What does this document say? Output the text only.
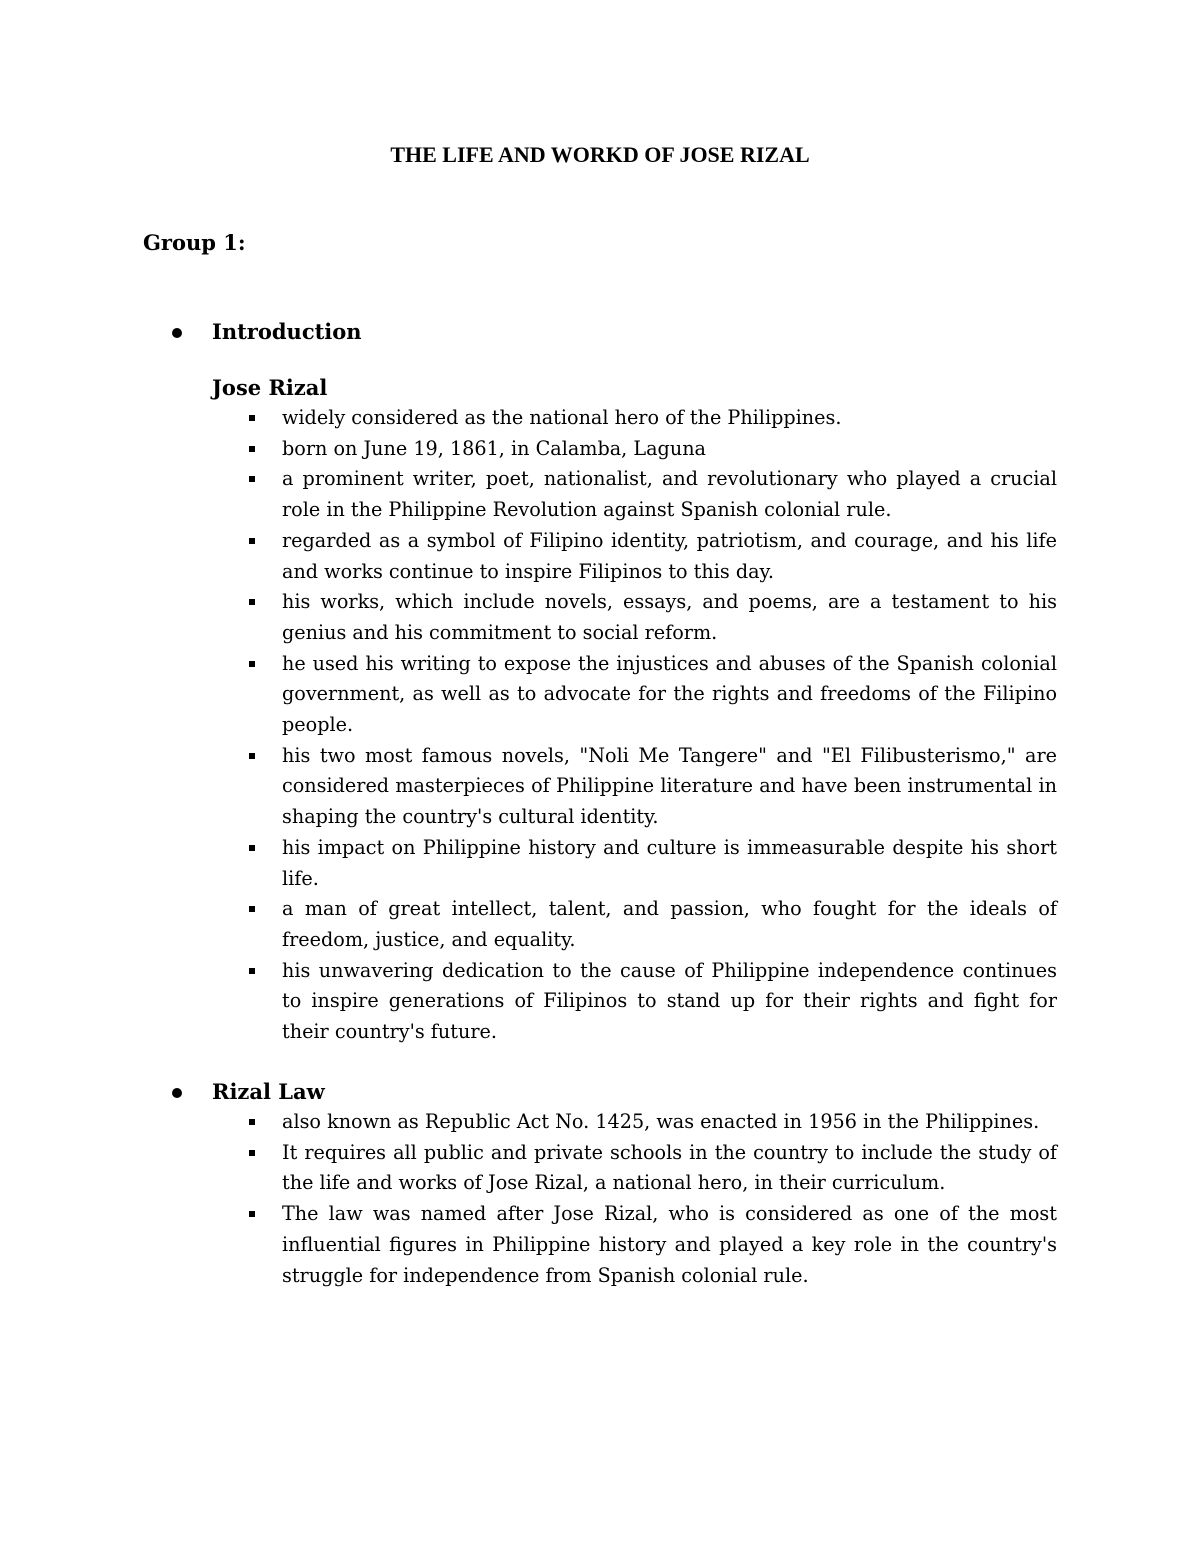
THE LIFE AND WORKD OF JOSE RIZAL
Group 1:
Introduction
Jose Rizal
widely considered as the national hero of the Philippines.
born on June 19, 1861, in Calamba, Laguna
a prominent writer, poet, nationalist, and revolutionary who played a crucial role in the Philippine Revolution against Spanish colonial rule.
regarded as a symbol of Filipino identity, patriotism, and courage, and his life and works continue to inspire Filipinos to this day.
his works, which include novels, essays, and poems, are a testament to his genius and his commitment to social reform.
he used his writing to expose the injustices and abuses of the Spanish colonial government, as well as to advocate for the rights and freedoms of the Filipino people.
his two most famous novels, "Noli Me Tangere" and "El Filibusterismo," are considered masterpieces of Philippine literature and have been instrumental in shaping the country's cultural identity.
his impact on Philippine history and culture is immeasurable despite his short life.
a man of great intellect, talent, and passion, who fought for the ideals of freedom, justice, and equality.
his unwavering dedication to the cause of Philippine independence continues to inspire generations of Filipinos to stand up for their rights and fight for their country's future.
Rizal Law
also known as Republic Act No. 1425, was enacted in 1956 in the Philippines.
It requires all public and private schools in the country to include the study of the life and works of Jose Rizal, a national hero, in their curriculum.
The law was named after Jose Rizal, who is considered as one of the most influential figures in Philippine history and played a key role in the country's struggle for independence from Spanish colonial rule.
